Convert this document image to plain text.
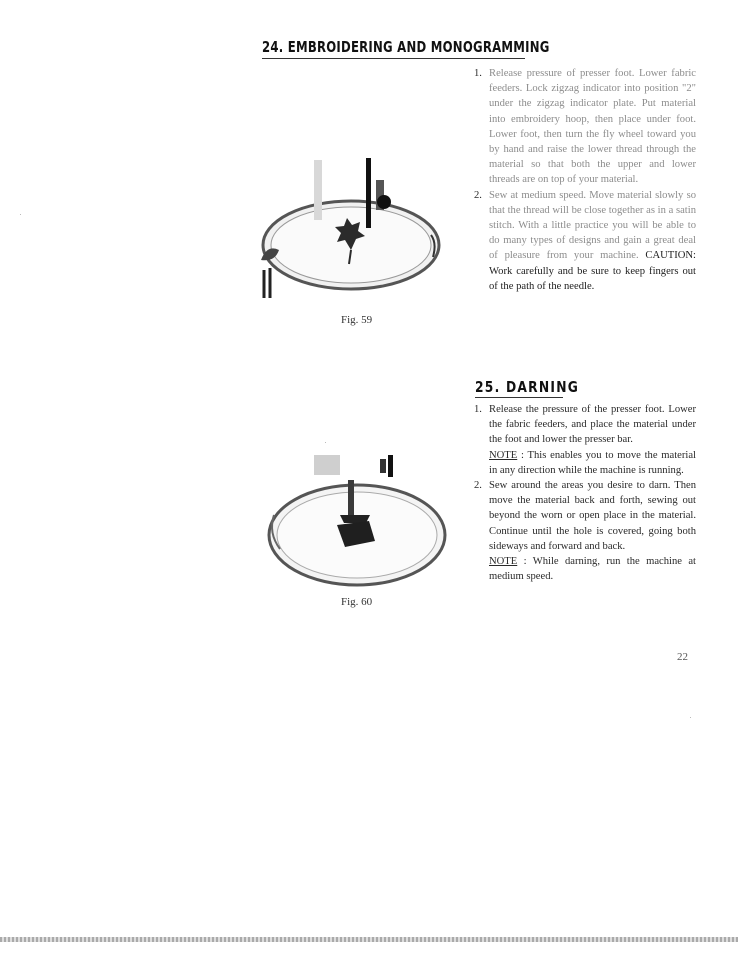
24. EMBROIDERING AND MONOGRAMMING
1. Release pressure of presser foot. Lower fabric feeders. Lock zigzag indicator into position "2" under the zigzag indicator plate. Put material into embroidery hoop, then place under foot. Lower foot, then turn the fly wheel toward you by hand and raise the lower thread through the material so that both the upper and lower threads are on top of your material.
2. Sew at medium speed. Move material slowly so that the thread will be close together as in a satin stitch. With a little practice you will be able to do many types of designs and gain a great deal of pleasure from your machine. CAUTION: Work carefully and be sure to keep fingers out of the path of the needle.
Fig. 59
25. DARNING
1. Release the pressure of the presser foot. Lower the fabric feeders, and place the material under the foot and lower the presser bar.
NOTE : This enables you to move the material in any direction while the machine is running.
2. Sew around the areas you desire to darn. Then move the material back and forth, sewing out beyond the worn or open place in the material. Continue until the hole is covered, going both sideways and forward and back.
NOTE : While darning, run the machine at medium speed.
Fig. 60
22
